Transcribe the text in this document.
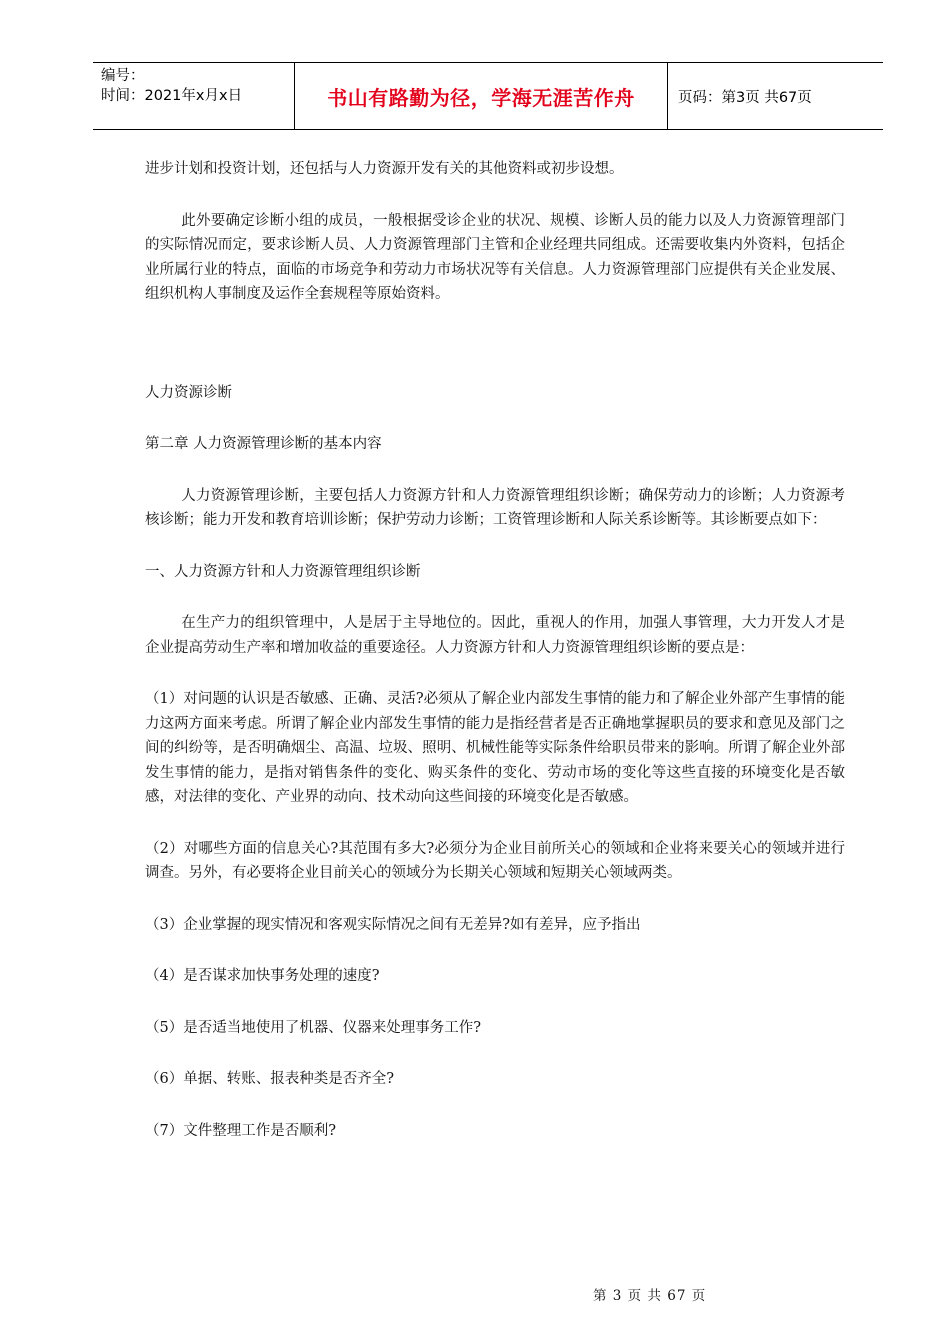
编号：
时间：2021年x月x日	书山有路勤为径，学海无涯苦作舟	页码：第3页 共67页

进步计划和投资计划，还包括与人力资源开发有关的其他资料或初步设想。

此外要确定诊断小组的成员，一般根据受诊企业的状况、规模、诊断人员的能力以及人力资源管理部门的实际情况而定，要求诊断人员、人力资源管理部门主管和企业经理共同组成。还需要收集内外资料，包括企业所属行业的特点，面临的市场竞争和劳动力市场状况等有关信息。人力资源管理部门应提供有关企业发展、组织机构人事制度及运作全套规程等原始资料。

人力资源诊断

第二章 人力资源管理诊断的基本内容

人力资源管理诊断，主要包括人力资源方针和人力资源管理组织诊断；确保劳动力的诊断；人力资源考核诊断；能力开发和教育培训诊断；保护劳动力诊断；工资管理诊断和人际关系诊断等。其诊断要点如下：

一、人力资源方针和人力资源管理组织诊断

在生产力的组织管理中，人是居于主导地位的。因此，重视人的作用，加强人事管理，大力开发人才是企业提高劳动生产率和增加收益的重要途径。人力资源方针和人力资源管理组织诊断的要点是：

（1）对问题的认识是否敏感、正确、灵活?必须从了解企业内部发生事情的能力和了解企业外部产生事情的能力这两方面来考虑。所谓了解企业内部发生事情的能力是指经营者是否正确地掌握职员的要求和意见及部门之间的纠纷等，是否明确烟尘、高温、垃圾、照明、机械性能等实际条件给职员带来的影响。所谓了解企业外部发生事情的能力，是指对销售条件的变化、购买条件的变化、劳动市场的变化等这些直接的环境变化是否敏感，对法律的变化、产业界的动向、技术动向这些间接的环境变化是否敏感。

（2）对哪些方面的信息关心?其范围有多大?必须分为企业目前所关心的领域和企业将来要关心的领域并进行调查。另外，有必要将企业目前关心的领域分为长期关心领域和短期关心领域两类。

（3）企业掌握的现实情况和客观实际情况之间有无差异?如有差异，应予指出

（4）是否谋求加快事务处理的速度?

（5）是否适当地使用了机器、仪器来处理事务工作?

（6）单据、转账、报表种类是否齐全?

（7）文件整理工作是否顺利?

第 3 页 共 67 页
